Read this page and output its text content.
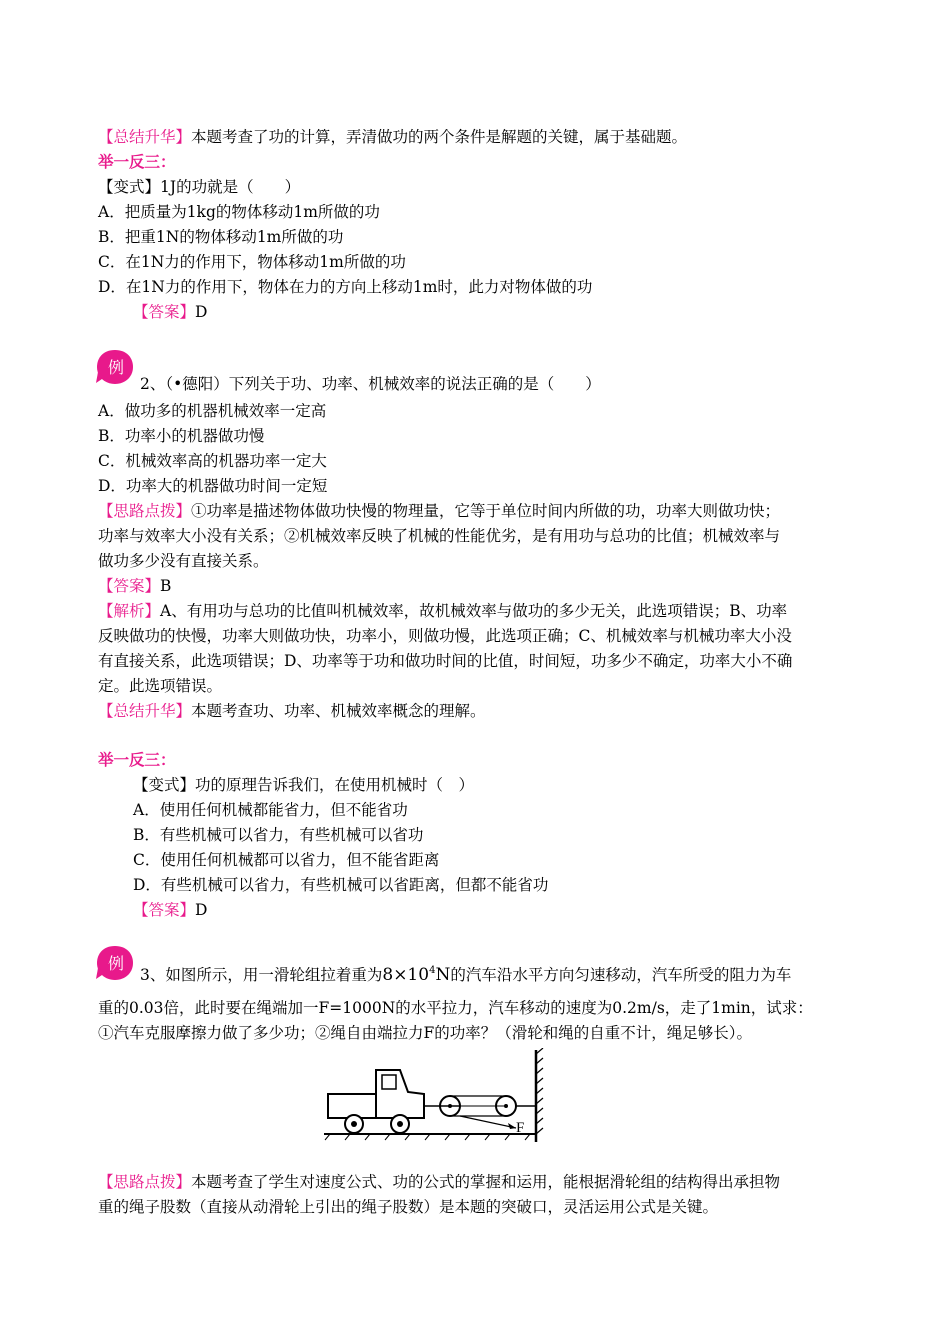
【总结升华】本题考查了功的计算，弄清做功的两个条件是解题的关键，属于基础题。
举一反三：
【变式】1J的功就是（　　）
A．把质量为1kg的物体移动1m所做的功
B．把重1N的物体移动1m所做的功
C．在1N力的作用下，物体移动1m所做的功
D．在1N力的作用下，物体在力的方向上移动1m时，此力对物体做的功
【答案】D
例
2、（•德阳）下列关于功、功率、机械效率的说法正确的是（　　）
A．做功多的机器机械效率一定高
B．功率小的机器做功慢
C．机械效率高的机器功率一定大
D．功率大的机器做功时间一定短
【思路点拨】①功率是描述物体做功快慢的物理量，它等于单位时间内所做的功，功率大则做功快；
功率与效率大小没有关系；②机械效率反映了机械的性能优劣，是有用功与总功的比值；机械效率与
做功多少没有直接关系。
【答案】B
【解析】A、有用功与总功的比值叫机械效率，故机械效率与做功的多少无关，此选项错误；B、功率
反映做功的快慢，功率大则做功快，功率小，则做功慢，此选项正确；C、机械效率与机械功率大小没
有直接关系，此选项错误；D、功率等于功和做功时间的比值，时间短，功多少不确定，功率大小不确
定。此选项错误。
【总结升华】本题考查功、功率、机械效率概念的理解。
举一反三：
【变式】功的原理告诉我们，在使用机械时（　）
A．使用任何机械都能省力，但不能省功
B．有些机械可以省力，有些机械可以省功
C．使用任何机械都可以省力，但不能省距离
D．有些机械可以省力，有些机械可以省距离，但都不能省功
【答案】D
例
3、如图所示，用一滑轮组拉着重为$8\times 10^4N$的汽车沿水平方向匀速移动，汽车所受的阻力为车
重的0.03倍，此时要在绳端加一F=1000N的水平拉力，汽车移动的速度为0.2m/s，走了1min，试求：
①汽车克服摩擦力做了多少功；②绳自由端拉力F的功率？（滑轮和绳的自重不计，绳足够长）。
F
【思路点拨】本题考查了学生对速度公式、功的公式的掌握和运用，能根据滑轮组的结构得出承担物
重的绳子股数（直接从动滑轮上引出的绳子股数）是本题的突破口，灵活运用公式是关键。
